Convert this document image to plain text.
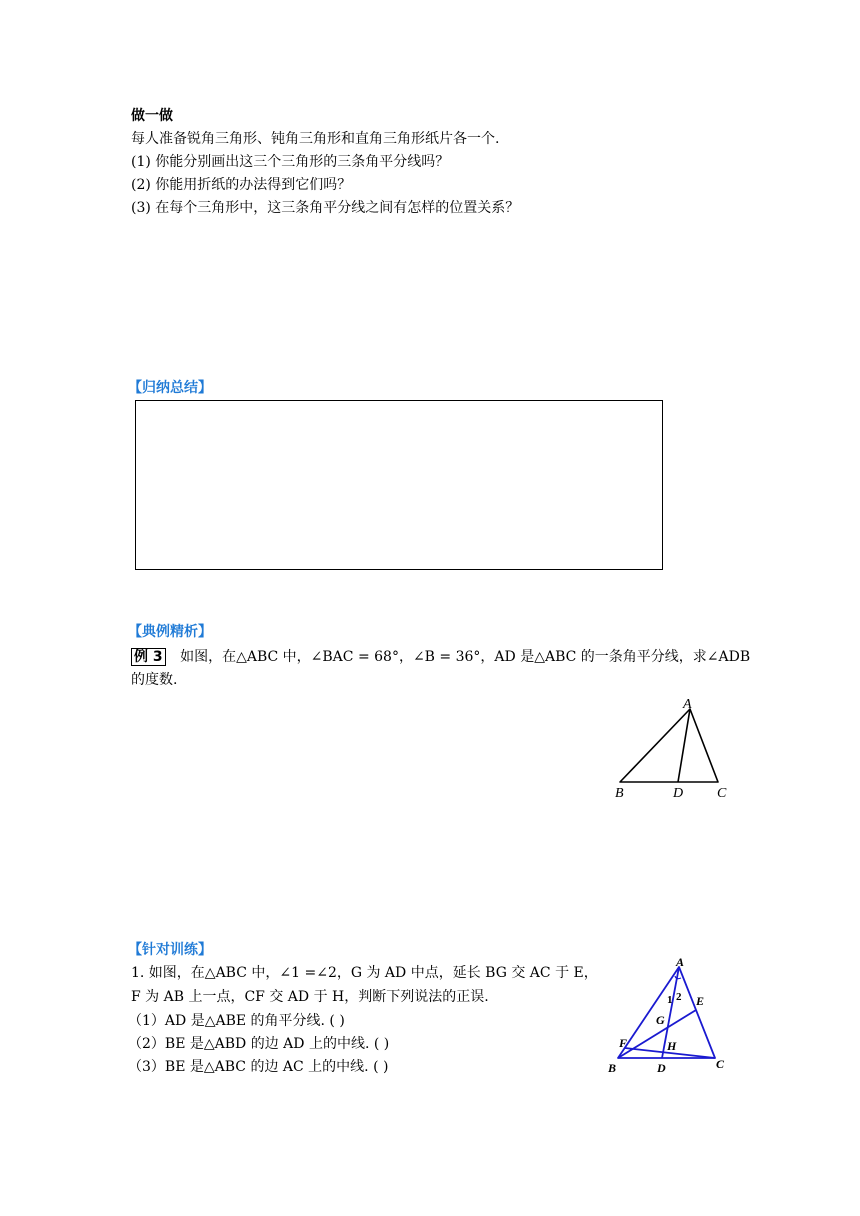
做一做
每人准备锐角三角形、钝角三角形和直角三角形纸片各一个.
(1) 你能分别画出这三个三角形的三条角平分线吗？
(2) 你能用折纸的办法得到它们吗？
(3) 在每个三角形中，这三条角平分线之间有怎样的位置关系？
【归纳总结】
【典例精析】
例 3 如图，在△ABC 中，∠BAC = 68°，∠B = 36°，AD 是△ABC 的一条角平分线，求∠ADB
的度数.
A
B	D C
【针对训练】
1. 如图，在△ABC 中，∠1 =∠2，G 为 AD 中点，延长 BG 交 AC 于 E，
F 为 AB 上一点，CF 交 AD 于 H，判断下列说法的正误.
（1）AD 是△ABE 的角平分线. ( )
（2）BE 是△ABD 的边 AD 上的中线. ( )
（3）BE 是△ABC 的边 AC 上的中线. ( )
A
B	D	C
E
F
G
H
1 2
